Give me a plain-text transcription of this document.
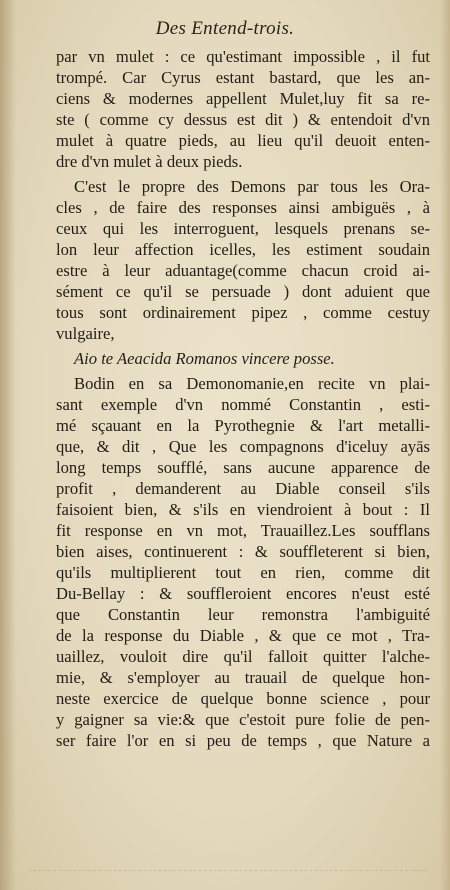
Des Entend-trois.
par vn mulet : ce qu'estimant impossible , il fut
trompé. Car Cyrus estant bastard, que les an-
ciens & modernes appellent Mulet,luy fit sa re-
ste ( comme cy dessus est dit ) & entendoit d'vn
mulet à quatre pieds, au lieu qu'il deuoit enten-
dre d'vn mulet à deux pieds.
C'est le propre des Demons par tous les Ora-
cles , de faire des responses ainsi ambiguës , à
ceux qui les interroguent, lesquels prenans se-
lon leur affection icelles, les estiment soudain
estre à leur aduantage(comme chacun croid ai-
sément ce qu'il se persuade ) dont aduient que
tous sont ordinairement pipez , comme cestuy
vulgaire,
Aio te Aeacida Romanos vincere posse.
Bodin en sa Demonomanie,en recite vn plai-
sant exemple d'vn nommé Constantin , esti-
mé sçauant en la Pyrothegnie & l'art metalli-
que, & dit , Que les compagnons d'iceluy ayās
long temps soufflé, sans aucune apparence de
profit , demanderent au Diable conseil s'ils
faisoient bien, & s'ils en viendroient à bout : Il
fit response en vn mot, Trauaillez.Les soufflans
bien aises, continuerent : & souffleterent si bien,
qu'ils multiplierent tout en rien, comme dit
Du-Bellay : & souffleroient encores n'eust esté
que Constantin leur remonstra l'ambiguité
de la response du Diable , & que ce mot , Tra-
uaillez, vouloit dire qu'il falloit quitter l'alche-
mie, & s'employer au trauail de quelque hon-
neste exercice de quelque bonne science , pour
y gaigner sa vie:& que c'estoit pure folie de pen-
ser faire l'or en si peu de temps , que Nature a
